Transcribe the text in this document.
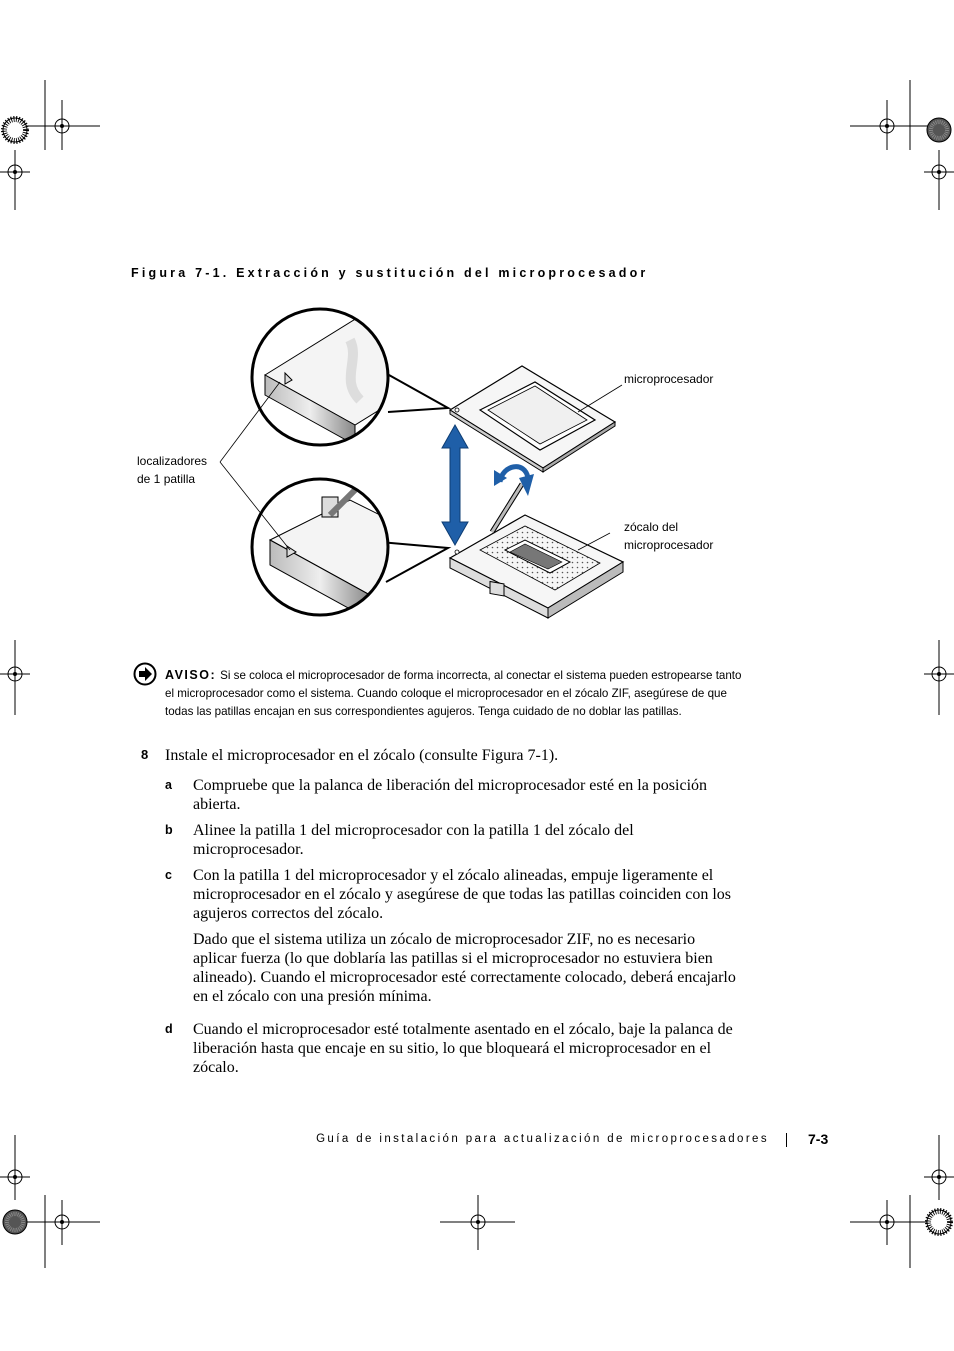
Figura 7-1. Extracción y sustitución del microprocesador
microprocesador
localizadores
de 1 patilla
zócalo del
microprocesador
AVISO: Si se coloca el microprocesador de forma incorrecta, al conectar el sistema pueden estropearse tanto el microprocesador como el sistema. Cuando coloque el microprocesador en el zócalo ZIF, asegúrese de que todas las patillas encajan en sus correspondientes agujeros. Tenga cuidado de no doblar las patillas.
8 Instale el microprocesador en el zócalo (consulte Figura 7-1).
a Compruebe que la palanca de liberación del microprocesador esté en la posición abierta.
b Alinee la patilla 1 del microprocesador con la patilla 1 del zócalo del microprocesador.
c Con la patilla 1 del microprocesador y el zócalo alineadas, empuje ligeramente el microprocesador en el zócalo y asegúrese de que todas las patillas coinciden con los agujeros correctos del zócalo.
Dado que el sistema utiliza un zócalo de microprocesador ZIF, no es necesario aplicar fuerza (lo que doblaría las patillas si el microprocesador no estuviera bien alineado). Cuando el microprocesador esté correctamente colocado, deberá encajarlo en el zócalo con una presión mínima.
d Cuando el microprocesador esté totalmente asentado en el zócalo, baje la palanca de liberación hasta que encaje en su sitio, lo que bloqueará el microprocesador en el zócalo.
Guía de instalación para actualización de microprocesadores	7-3
